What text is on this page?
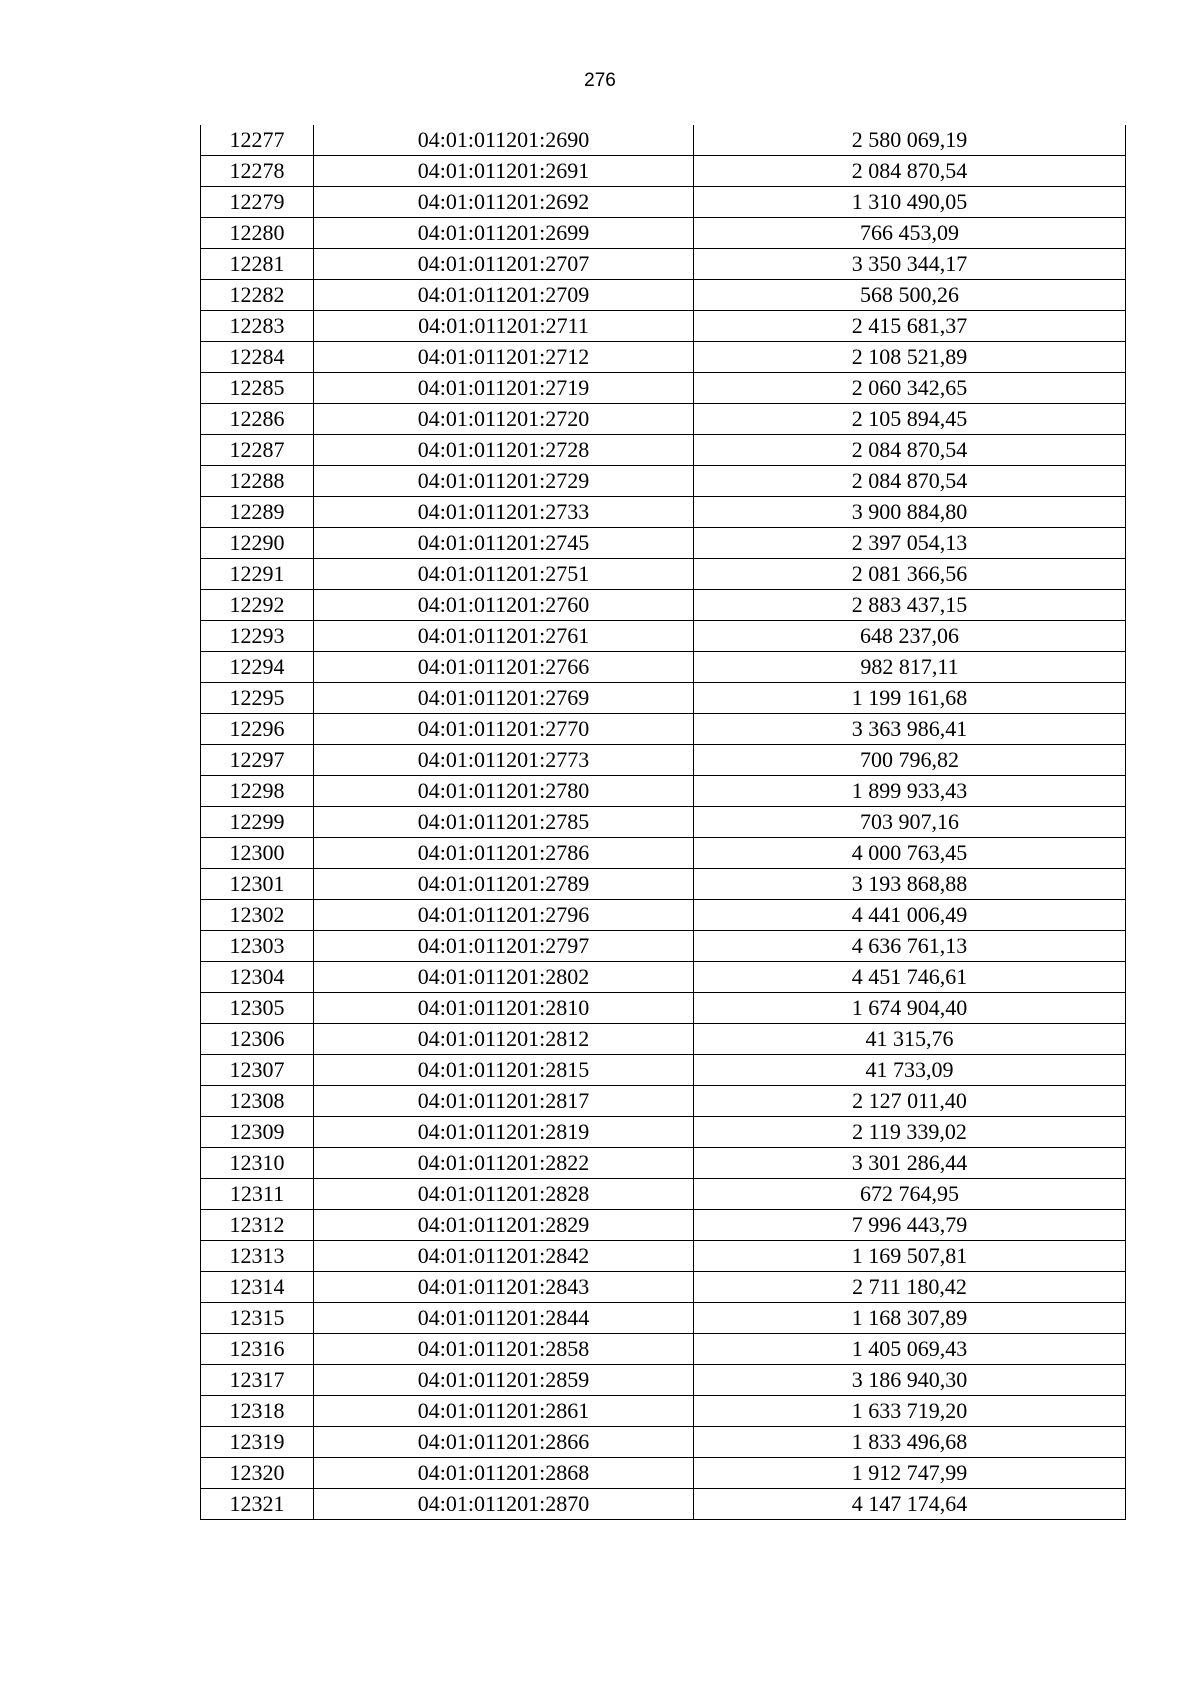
276
12277	04:01:011201:2690	2 580 069,19
12278	04:01:011201:2691	2 084 870,54
12279	04:01:011201:2692	1 310 490,05
12280	04:01:011201:2699	766 453,09
12281	04:01:011201:2707	3 350 344,17
12282	04:01:011201:2709	568 500,26
12283	04:01:011201:2711	2 415 681,37
12284	04:01:011201:2712	2 108 521,89
12285	04:01:011201:2719	2 060 342,65
12286	04:01:011201:2720	2 105 894,45
12287	04:01:011201:2728	2 084 870,54
12288	04:01:011201:2729	2 084 870,54
12289	04:01:011201:2733	3 900 884,80
12290	04:01:011201:2745	2 397 054,13
12291	04:01:011201:2751	2 081 366,56
12292	04:01:011201:2760	2 883 437,15
12293	04:01:011201:2761	648 237,06
12294	04:01:011201:2766	982 817,11
12295	04:01:011201:2769	1 199 161,68
12296	04:01:011201:2770	3 363 986,41
12297	04:01:011201:2773	700 796,82
12298	04:01:011201:2780	1 899 933,43
12299	04:01:011201:2785	703 907,16
12300	04:01:011201:2786	4 000 763,45
12301	04:01:011201:2789	3 193 868,88
12302	04:01:011201:2796	4 441 006,49
12303	04:01:011201:2797	4 636 761,13
12304	04:01:011201:2802	4 451 746,61
12305	04:01:011201:2810	1 674 904,40
12306	04:01:011201:2812	41 315,76
12307	04:01:011201:2815	41 733,09
12308	04:01:011201:2817	2 127 011,40
12309	04:01:011201:2819	2 119 339,02
12310	04:01:011201:2822	3 301 286,44
12311	04:01:011201:2828	672 764,95
12312	04:01:011201:2829	7 996 443,79
12313	04:01:011201:2842	1 169 507,81
12314	04:01:011201:2843	2 711 180,42
12315	04:01:011201:2844	1 168 307,89
12316	04:01:011201:2858	1 405 069,43
12317	04:01:011201:2859	3 186 940,30
12318	04:01:011201:2861	1 633 719,20
12319	04:01:011201:2866	1 833 496,68
12320	04:01:011201:2868	1 912 747,99
12321	04:01:011201:2870	4 147 174,64
